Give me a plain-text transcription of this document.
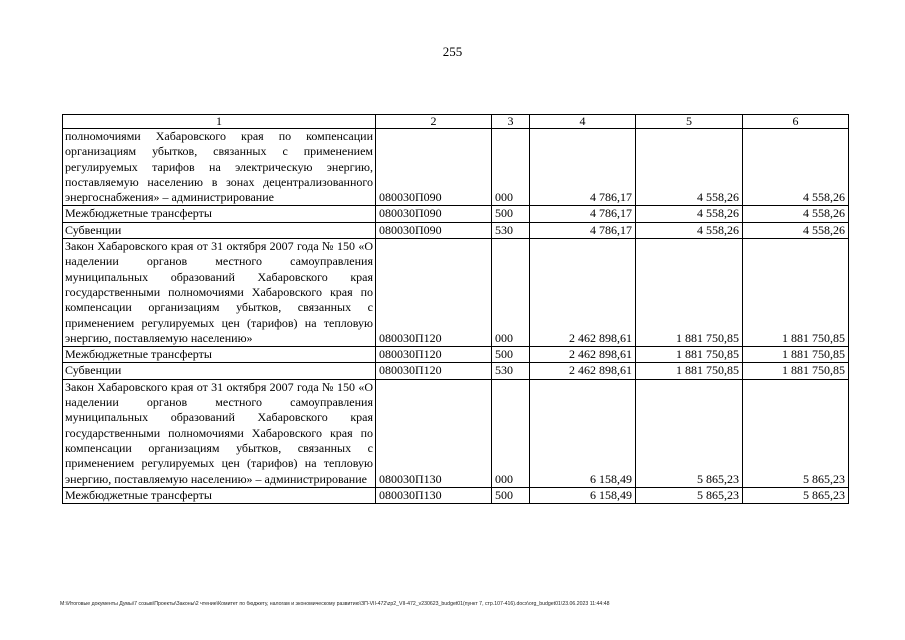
255
1	2	3	4	5	6
полномочиями Хабаровского края по компенсации организациям убытков, связанных с применением регулируемых тарифов на электрическую энергию, поставляемую населению в зонах децентрализованного энергоснабжения» – администрирование	080030П090	000	4 786,17	4 558,26	4 558,26
Межбюджетные трансферты	080030П090	500	4 786,17	4 558,26	4 558,26
Субвенции	080030П090	530	4 786,17	4 558,26	4 558,26
Закон Хабаровского края от 31 октября 2007 года № 150 «О наделении органов местного самоуправления муниципальных образований Хабаровского края государственными полномочиями Хабаровского края по компенсации организациям убытков, связанных с применением регулируемых цен (тарифов) на тепловую энергию, поставляемую населению»	080030П120	000	2 462 898,61	1 881 750,85	1 881 750,85
Межбюджетные трансферты	080030П120	500	2 462 898,61	1 881 750,85	1 881 750,85
Субвенции	080030П120	530	2 462 898,61	1 881 750,85	1 881 750,85
Закон Хабаровского края от 31 октября 2007 года № 150 «О наделении органов местного самоуправления муниципальных образований Хабаровского края государственными полномочиями Хабаровского края по компенсации организациям убытков, связанных с применением регулируемых цен (тарифов) на тепловую энергию, поставляемую населению» – администрирование	080030П130	000	6 158,49	5 865,23	5 865,23
Межбюджетные трансферты	080030П130	500	6 158,49	5 865,23	5 865,23
M:\Итоговые документы Думы\7 созыв\Проекты\Законы\2 чтение\Комитет по бюджету, налогам и экономическому развитию\ЗП-VII-472\zp2_VII-472_v230623_budget01(пункт 7, стр.107-416).docx\org_budget01\23.06.2023 11:44:48
